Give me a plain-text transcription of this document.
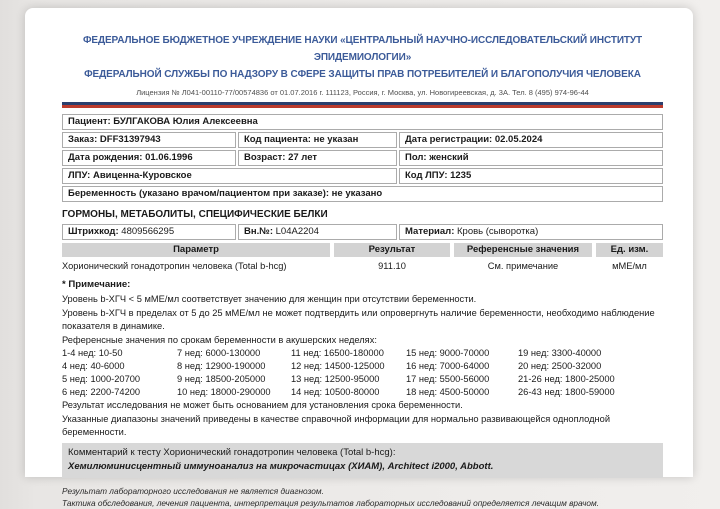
ФЕДЕРАЛЬНОЕ БЮДЖЕТНОЕ УЧРЕЖДЕНИЕ НАУКИ «ЦЕНТРАЛЬНЫЙ НАУЧНО-ИССЛЕДОВАТЕЛЬСКИЙ ИНСТИТУТ ЭПИДЕМИОЛОГИИ»
ФЕДЕРАЛЬНОЙ СЛУЖБЫ ПО НАДЗОРУ В СФЕРЕ ЗАЩИТЫ ПРАВ ПОТРЕБИТЕЛЕЙ И БЛАГОПОЛУЧИЯ ЧЕЛОВЕКА
Лицензия № Л041-00110-77/00574836 от 01.07.2016 г. 111123, Россия, г. Москва, ул. Новогиреевская, д. 3А. Тел. 8 (495) 974-96-44
Пациент: БУЛГАКОВА Юлия Алексеевна
Заказ: DFF31397943	Код пациента: не указан	Дата регистрации: 02.05.2024
Дата рождения: 01.06.1996	Возраст: 27 лет	Пол: женский
ЛПУ: Авиценна-Куровское	Код ЛПУ: 1235
Беременность (указано врачом/пациентом при заказе): не указано
ГОРМОНЫ, МЕТАБОЛИТЫ, СПЕЦИФИЧЕСКИЕ БЕЛКИ
Штрихкод: 4809566295	Вн.№: L04A2204	Материал: Кровь (сыворотка)
Параметр	Результат	Референсные значения	Ед. изм.
Хорионический гонадотропин человека (Total b-hcg)	911.10	См. примечание	мМЕ/мл
* Примечание:
Уровень b-ХГЧ < 5 мМЕ/мл соответствует значению для женщин при отсутствии беременности.
Уровень b-ХГЧ в пределах от 5 до 25 мМЕ/мл не может подтвердить или опровергнуть наличие беременности, необходимо наблюдение показателя в динамике.
Референсные значения по срокам беременности в акушерских неделях:
1-4 нед: 10-50	7 нед: 6000-130000	11 нед: 16500-180000	15 нед: 9000-70000	19 нед: 3300-40000
4 нед: 40-6000	8 нед: 12900-190000	12 нед: 14500-125000	16 нед: 7000-64000	20 нед: 2500-32000
5 нед: 1000-20700	9 нед: 18500-205000	13 нед: 12500-95000	17 нед: 5500-56000	21-26 нед: 1800-25000
6 нед: 2200-74200	10 нед: 18000-290000	14 нед: 10500-80000	18 нед: 4500-50000	26-43 нед: 1800-59000
Результат исследования не может быть основанием для установления срока беременности.
Указанные диапазоны значений приведены в качестве справочной информации для нормально развивающейся одноплодной беременности.
Комментарий к тесту Хорионический гонадотропин человека (Total b-hcg):
Хемилюминисцентный иммуноанализ на микрочастицах (ХИАМ), Architect i2000, Abbott.
Результат лабораторного исследования не является диагнозом.
Тактика обследования, лечения пациента, интерпретация результатов лабораторных исследований определяется лечащим врачом.
